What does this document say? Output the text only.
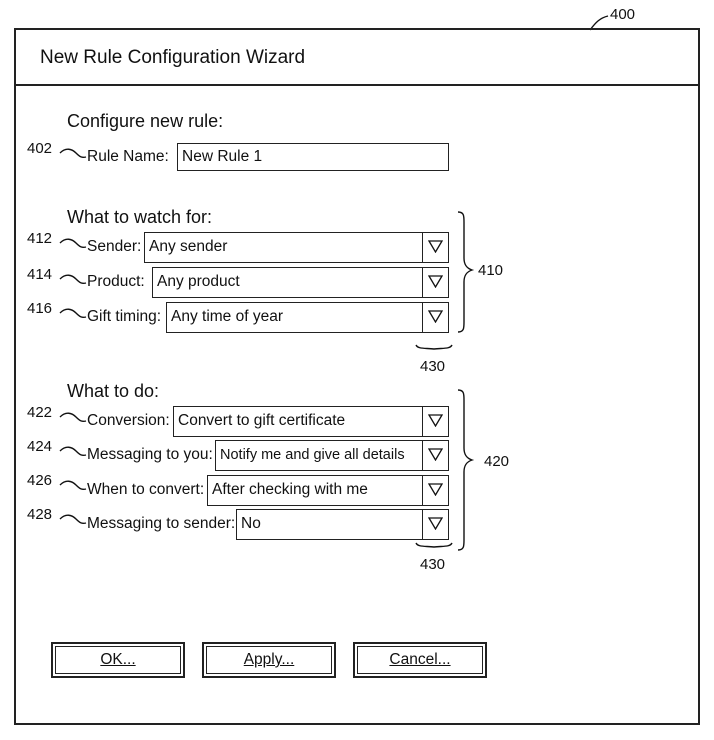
400
402
412
414
416
422
424
426
428
410
420
430
430
New Rule Configuration Wizard
Configure new rule:
Rule Name: New Rule 1
What to watch for:
Sender: Any sender
Product: Any product
Gift timing: Any time of year
What to do:
Conversion: Convert to gift certificate
Messaging to you: Notify me and give all details
When to convert: After checking with me
Messaging to sender: No
OK...	Apply...	Cancel...
